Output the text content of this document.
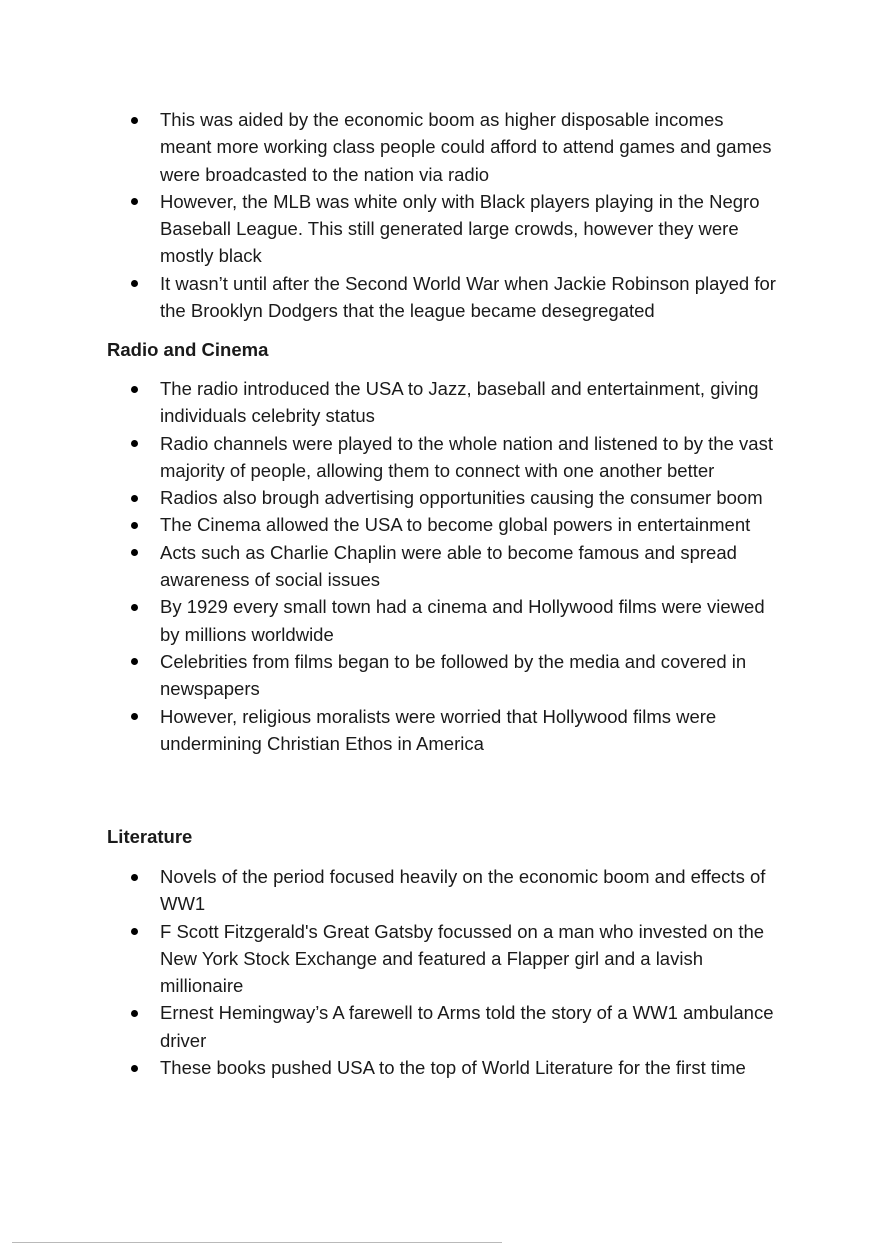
This was aided by the economic boom as higher disposable incomes meant more working class people could afford to attend games and games were broadcasted to the nation via radio
However, the MLB was white only with Black players playing in the Negro Baseball League. This still generated large crowds, however they were mostly black
It wasn’t until after the Second World War when Jackie Robinson played for the Brooklyn Dodgers that the league became desegregated
Radio and Cinema
The radio introduced the USA to Jazz, baseball and entertainment, giving individuals celebrity status
Radio channels were played to the whole nation and listened to by the vast majority of people, allowing them to connect with one another better
Radios also brough advertising opportunities causing the consumer boom
The Cinema allowed the USA to become global powers in entertainment
Acts such as Charlie Chaplin were able to become famous and spread awareness of social issues
By 1929 every small town had a cinema and Hollywood films were viewed by millions worldwide
Celebrities from films began to be followed by the media and covered in newspapers
However, religious moralists were worried that Hollywood films were undermining Christian Ethos in America
Literature
Novels of the period focused heavily on the economic boom and effects of WW1
F Scott Fitzgerald's Great Gatsby focussed on a man who invested on the New York Stock Exchange and featured a Flapper girl and a lavish millionaire
Ernest Hemingway’s A farewell to Arms told the story of a WW1 ambulance driver
These books pushed USA to the top of World Literature for the first time
